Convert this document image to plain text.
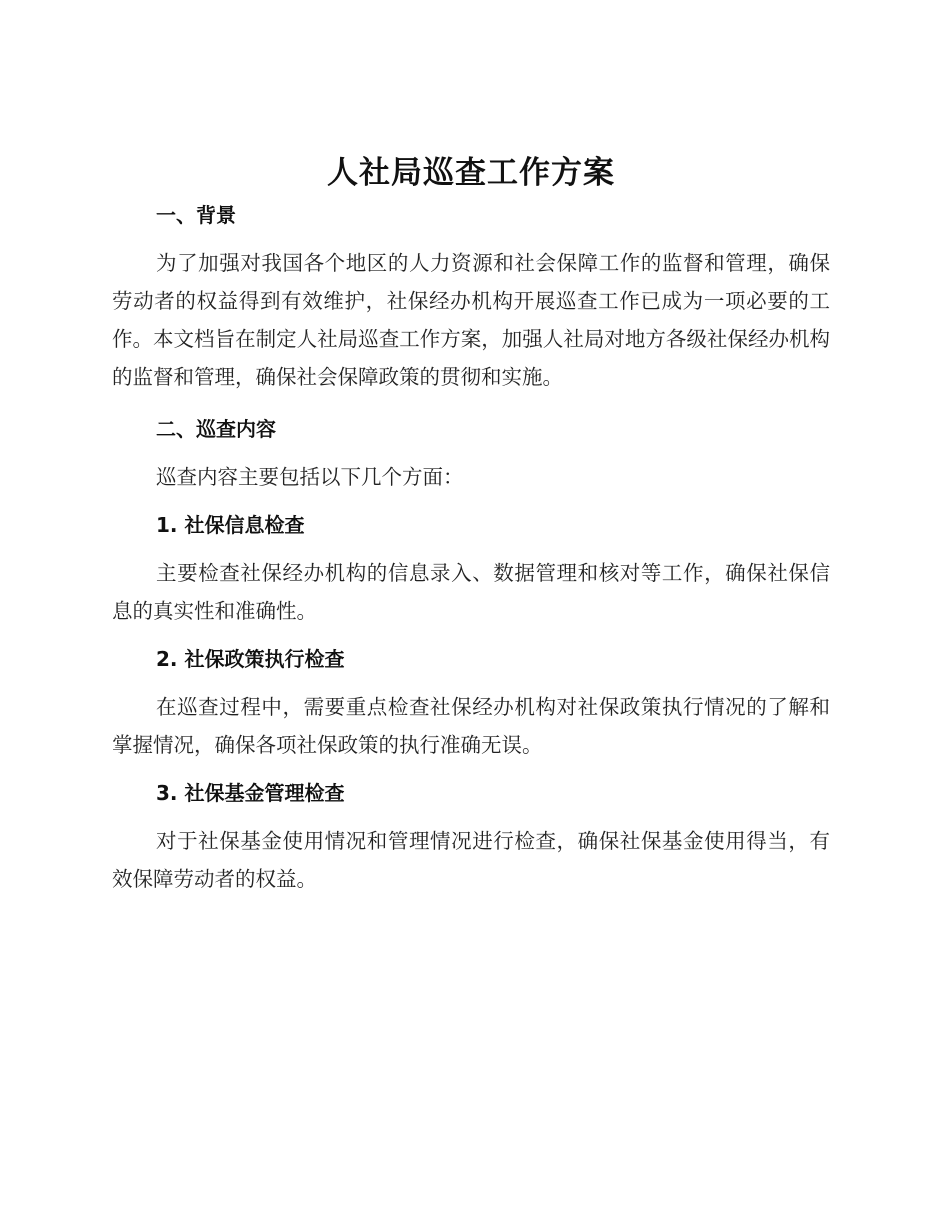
人社局巡查工作方案

一、背景

为了加强对我国各个地区的人力资源和社会保障工作的监督和管理，确保劳动者的权益得到有效维护，社保经办机构开展巡查工作已成为一项必要的工作。本文档旨在制定人社局巡查工作方案，加强人社局对地方各级社保经办机构的监督和管理，确保社会保障政策的贯彻和实施。

二、巡查内容

巡查内容主要包括以下几个方面：

1. 社保信息检查

主要检查社保经办机构的信息录入、数据管理和核对等工作，确保社保信息的真实性和准确性。

2. 社保政策执行检查

在巡查过程中，需要重点检查社保经办机构对社保政策执行情况的了解和掌握情况，确保各项社保政策的执行准确无误。

3. 社保基金管理检查

对于社保基金使用情况和管理情况进行检查，确保社保基金使用得当，有效保障劳动者的权益。
